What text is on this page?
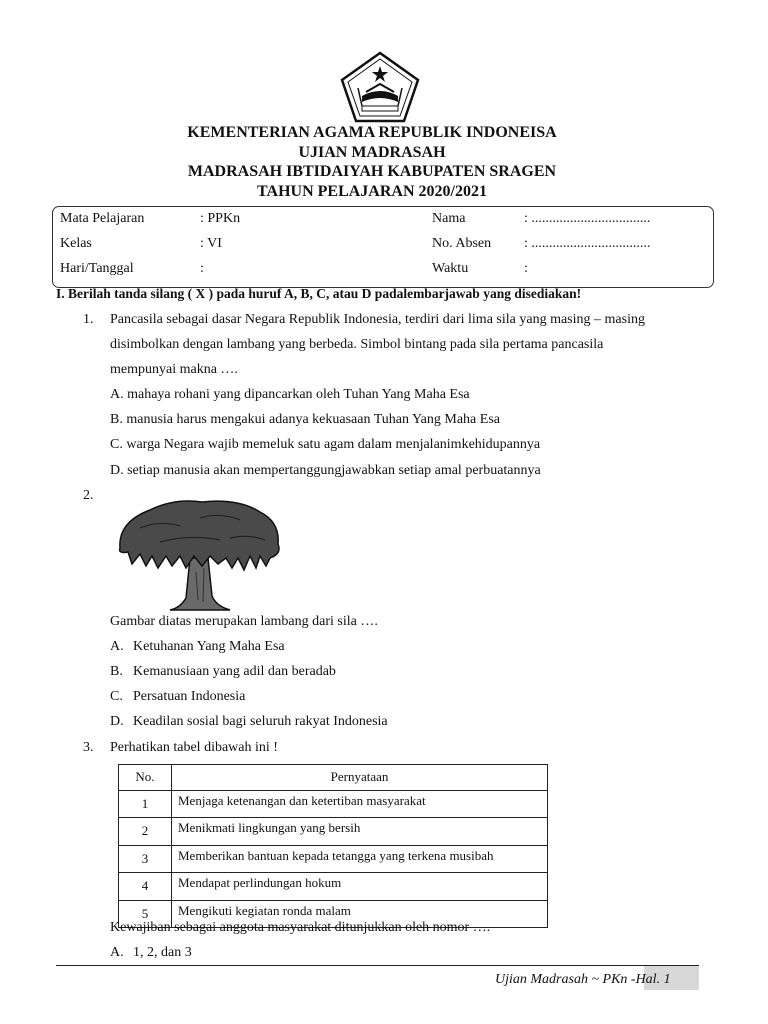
KEMENTERIAN AGAMA REPUBLIK INDONEISA
UJIAN MADRASAH
MADRASAH IBTIDAIYAH KABUPATEN SRAGEN
TAHUN PELAJARAN 2020/2021
Mata Pelajaran	: PPKn
Kelas	: VI
Hari/Tanggal	:
Nama	: ..................................
No. Absen : ..................................
Waktu	:
I. Berilah tanda silang ( X ) pada huruf A, B, C, atau D padalembarjawab yang disediakan!
1. Pancasila sebagai dasar Negara Republik Indonesia, terdiri dari lima sila yang masing – masing
disimbolkan dengan lambang yang berbeda. Simbol bintang pada sila pertama pancasila
mempunyai makna ….
A. mahaya rohani yang dipancarkan oleh Tuhan Yang Maha Esa
B. manusia harus mengakui adanya kekuasaan Tuhan Yang Maha Esa
C. warga Negara wajib memeluk satu agam dalam menjalanimkehidupannya
D. setiap manusia akan mempertanggungjawabkan setiap amal perbuatannya
2.
Gambar diatas merupakan lambang dari sila ….
A. Ketuhanan Yang Maha Esa
B. Kemanusiaan yang adil dan beradab
C. Persatuan Indonesia
D. Keadilan sosial bagi seluruh rakyat Indonesia
3. Perhatikan tabel dibawah ini !
No.	Pernyataan
1	Menjaga ketenangan dan ketertiban masyarakat
2	Menikmati lingkungan yang bersih
3	Memberikan bantuan kepada tetangga yang terkena musibah
4	Mendapat perlindungan hokum
5	Mengikuti kegiatan ronda malam
Kewajiban sebagai anggota masyarakat ditunjukkan oleh nomor ….
A. 1, 2, dan 3
Ujian Madrasah ~ PKn -Hal. 1
